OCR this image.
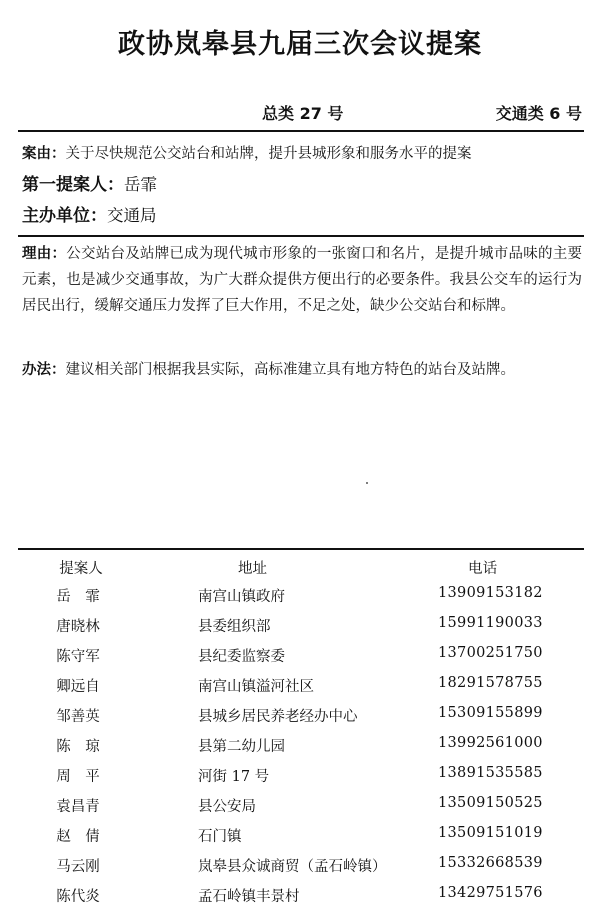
政协岚皋县九届三次会议提案
总类 27 号	交通类 6 号
案由：关于尽快规范公交站台和站牌，提升县城形象和服务水平的提案
第一提案人：岳霏
主办单位：交通局
理由：公交站台及站牌已成为现代城市形象的一张窗口和名片，是提升城市品味的主要元素，也是减少交通事故，为广大群众提供方便出行的必要条件。我县公交车的运行为居民出行，缓解交通压力发挥了巨大作用，不足之处，缺少公交站台和标牌。
办法：建议相关部门根据我县实际，高标准建立具有地方特色的站台及站牌。
提案人	地址	电话
岳　霏	南宫山镇政府	13909153182
唐晓林	县委组织部	15991190033
陈守军	县纪委监察委	13700251750
卿远自	南宫山镇溢河社区	18291578755
邹善英	县城乡居民养老经办中心	15309155899
陈　琼	县第二幼儿园	13992561000
周　平	河街 17 号	13891535585
袁昌青	县公安局	13509150525
赵　倩	石门镇	13509151019
马云刚	岚皋县众诚商贸（孟石岭镇）	15332668539
陈代炎	孟石岭镇丰景村	13429751576
